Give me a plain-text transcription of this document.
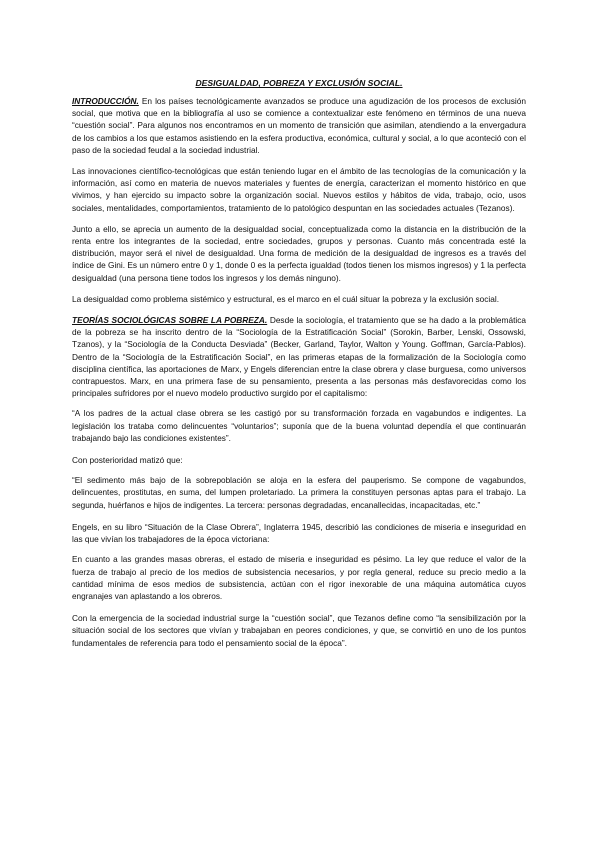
DESIGUALDAD, POBREZA Y EXCLUSIÓN SOCIAL.

INTRODUCCIÓN. En los países tecnológicamente avanzados se produce una agudización de los procesos de exclusión social, que motiva que en la bibliografía al uso se comience a contextualizar este fenómeno en términos de una nueva “cuestión social”. Para algunos nos encontramos en un momento de transición que asimilan, atendiendo a la envergadura de los cambios a los que estamos asistiendo en la esfera productiva, económica, cultural y social, a lo que aconteció con el paso de la sociedad feudal a la sociedad industrial.

Las innovaciones científico-tecnológicas que están teniendo lugar en el ámbito de las tecnologías de la comunicación y la información, así como en materia de nuevos materiales y fuentes de energía, caracterizan el momento histórico en que vivimos, y han ejercido su impacto sobre la organización social. Nuevos estilos y hábitos de vida, trabajo, ocio, usos sociales, mentalidades, comportamientos, tratamiento de lo patológico despuntan en las sociedades actuales (Tezanos).

Junto a ello, se aprecia un aumento de la desigualdad social, conceptualizada como la distancia en la distribución de la renta entre los integrantes de la sociedad, entre sociedades, grupos y personas. Cuanto más concentrada esté la distribución, mayor será el nivel de desigualdad. Una forma de medición de la desigualdad de ingresos es a través del índice de Gini. Es un número entre 0 y 1, donde 0 es la perfecta igualdad (todos tienen los mismos ingresos) y 1 la perfecta desigualdad (una persona tiene todos los ingresos y los demás ninguno).

La desigualdad como problema sistémico y estructural, es el marco en el cuál situar la pobreza y la exclusión social.

TEORÍAS SOCIOLÓGICAS SOBRE LA POBREZA. Desde la sociología, el tratamiento que se ha dado a la problemática de la pobreza se ha inscrito dentro de la “Sociología de la Estratificación Social” (Sorokin, Barber, Lenski, Ossowski, Tzanos), y la “Sociología de la Conducta Desviada” (Becker, Garland, Taylor, Walton y Young. Goffman, García-Pablos). Dentro de la “Sociología de la Estratificación Social”, en las primeras etapas de la formalización de la Sociología como disciplina científica, las aportaciones de Marx, y Engels diferencian entre la clase obrera y clase burguesa, como universos contrapuestos. Marx, en una primera fase de su pensamiento, presenta a las personas más desfavorecidas como los principales sufridores por el nuevo modelo productivo surgido por el capitalismo:

“A los padres de la actual clase obrera se les castigó por su transformación forzada en vagabundos e indigentes. La legislación los trataba como delincuentes “voluntarios”; suponía que de la buena voluntad dependía el que continuarán trabajando bajo las condiciones existentes”.

Con posterioridad matizó que:

“El sedimento más bajo de la sobrepoblación se aloja en la esfera del pauperismo. Se compone de vagabundos, delincuentes, prostitutas, en suma, del lumpen proletariado. La primera la constituyen personas aptas para el trabajo. La segunda, huérfanos e hijos de indigentes. La tercera: personas degradadas, encanallecidas, incapacitadas, etc.”

Engels, en su libro “Situación de la Clase Obrera”, Inglaterra 1945, describió las condiciones de miseria e inseguridad en las que vivían los trabajadores de la época victoriana:

En cuanto a las grandes masas obreras, el estado de miseria e inseguridad es pésimo. La ley que reduce el valor de la fuerza de trabajo al precio de los medios de subsistencia necesarios, y por regla general, reduce su precio medio a la cantidad mínima de esos medios de subsistencia, actúan con el rigor inexorable de una máquina automática cuyos engranajes van aplastando a los obreros.

Con la emergencia de la sociedad industrial surge la “cuestión social”, que Tezanos define como “la sensibilización por la situación social de los sectores que vivían y trabajaban en peores condiciones, y que, se convirtió en uno de los puntos fundamentales de referencia para todo el pensamiento social de la época”.
